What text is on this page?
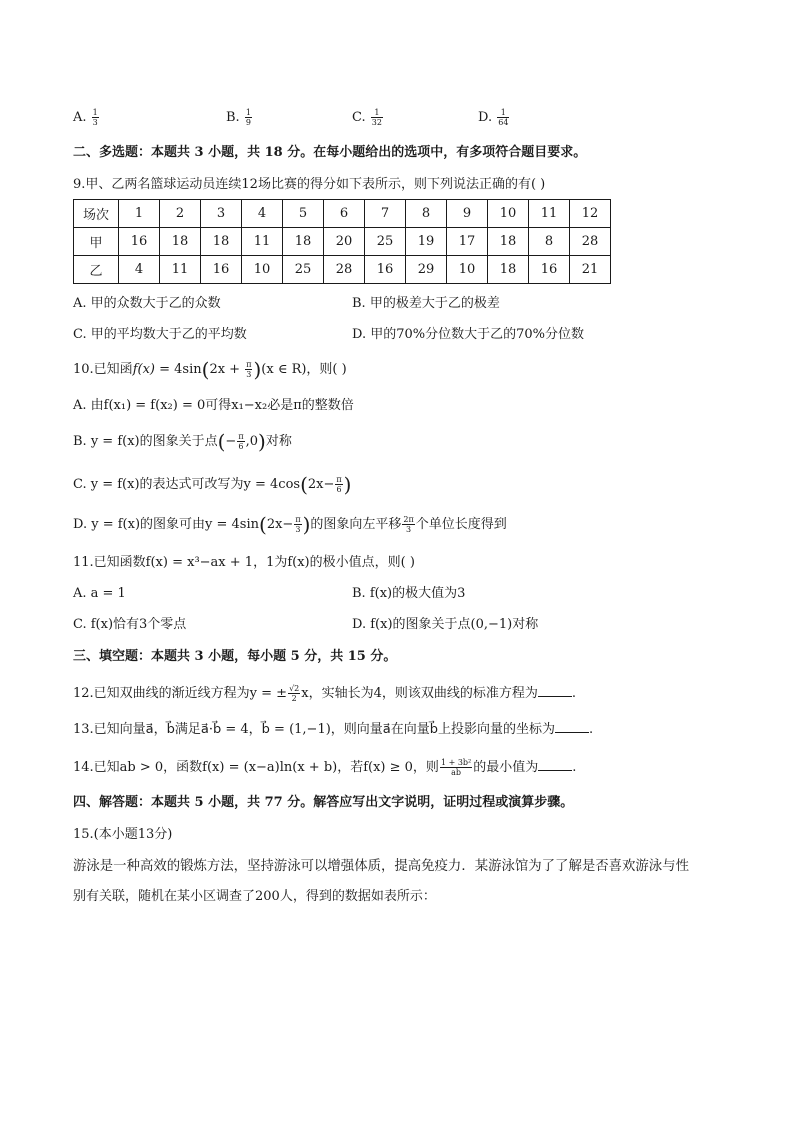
A. $\frac{1}{3}$	B. $\frac{1}{9}$	C. $\frac{1}{32}$	D. $\frac{1}{64}$
二、多选题：本题共 3 小题，共 18 分。在每小题给出的选项中，有多项符合题目要求。
9.甲、乙两名篮球运动员连续12场比赛的得分如下表所示，则下列说法正确的有( )
场次	1	2	3	4	5	6	7	8	9	10	11	12
甲	16	18	18	11	18	20	25	19	17	18	8	28
乙	4	11	16	10	25	28	16	29	10	18	16	21
A. 甲的众数大于乙的众数	B. 甲的极差大于乙的极差
C. 甲的平均数大于乙的平均数	D. 甲的70%分位数大于乙的70%分位数
10.已知函$f(x) = 4\sin(2x + \frac{\pi}{3} )(x$ ∈ R)，则( )
A. 由f(x₁) = f(x₂) = 0可得x₁−x₂必是π的整数倍
B. y = f(x)的图象关于点(− $\frac{\pi}{6} ,0$)对称
C. y = f(x)的表达式可改写为$y = 4\cos(2x- \frac{\pi}{6}$ )
D. y = f(x)的图象可由$y = 4\sin(2x- \frac{\pi}{3}$ )的图象向左平移 $\frac{2\pi}{3}$ 个单位长度得到
11.已知函数f(x) = x³−ax + 1，1为f(x)的极小值点，则( )
A. a = 1	B. f(x)的极大值为3
C. f(x)恰有3个零点	D. f(x)的图象关于点(0,−1)对称
三、填空题：本题共 3 小题，每小题 5 分，共 15 分。
12.已知双曲线的渐近线方程为y = ± $\frac{√2}{2}$ x，实轴长为4，则该双曲线的标准方程为	.
13.已知向量a⃗，b⃗满足a⃗·b⃗ = 4，b⃗ = (1,−1)，则向量a⃗在向量b⃗上投影向量的坐标为	.
14.已知ab > 0，函数f(x) = (x−a)ln(x + b)，若f(x) ≥ 0，则 $\frac{\text{1 + 3b²}}{ab}$ 的最小值为	.
四、解答题：本题共 5 小题，共 77 分。解答应写出文字说明，证明过程或演算步骤。
15.(本小题13分)
游泳是一种高效的锻炼方法，坚持游泳可以增强体质，提高免疫力．某游泳馆为了了解是否喜欢游泳与性
别有关联，随机在某小区调查了200人，得到的数据如表所示：
